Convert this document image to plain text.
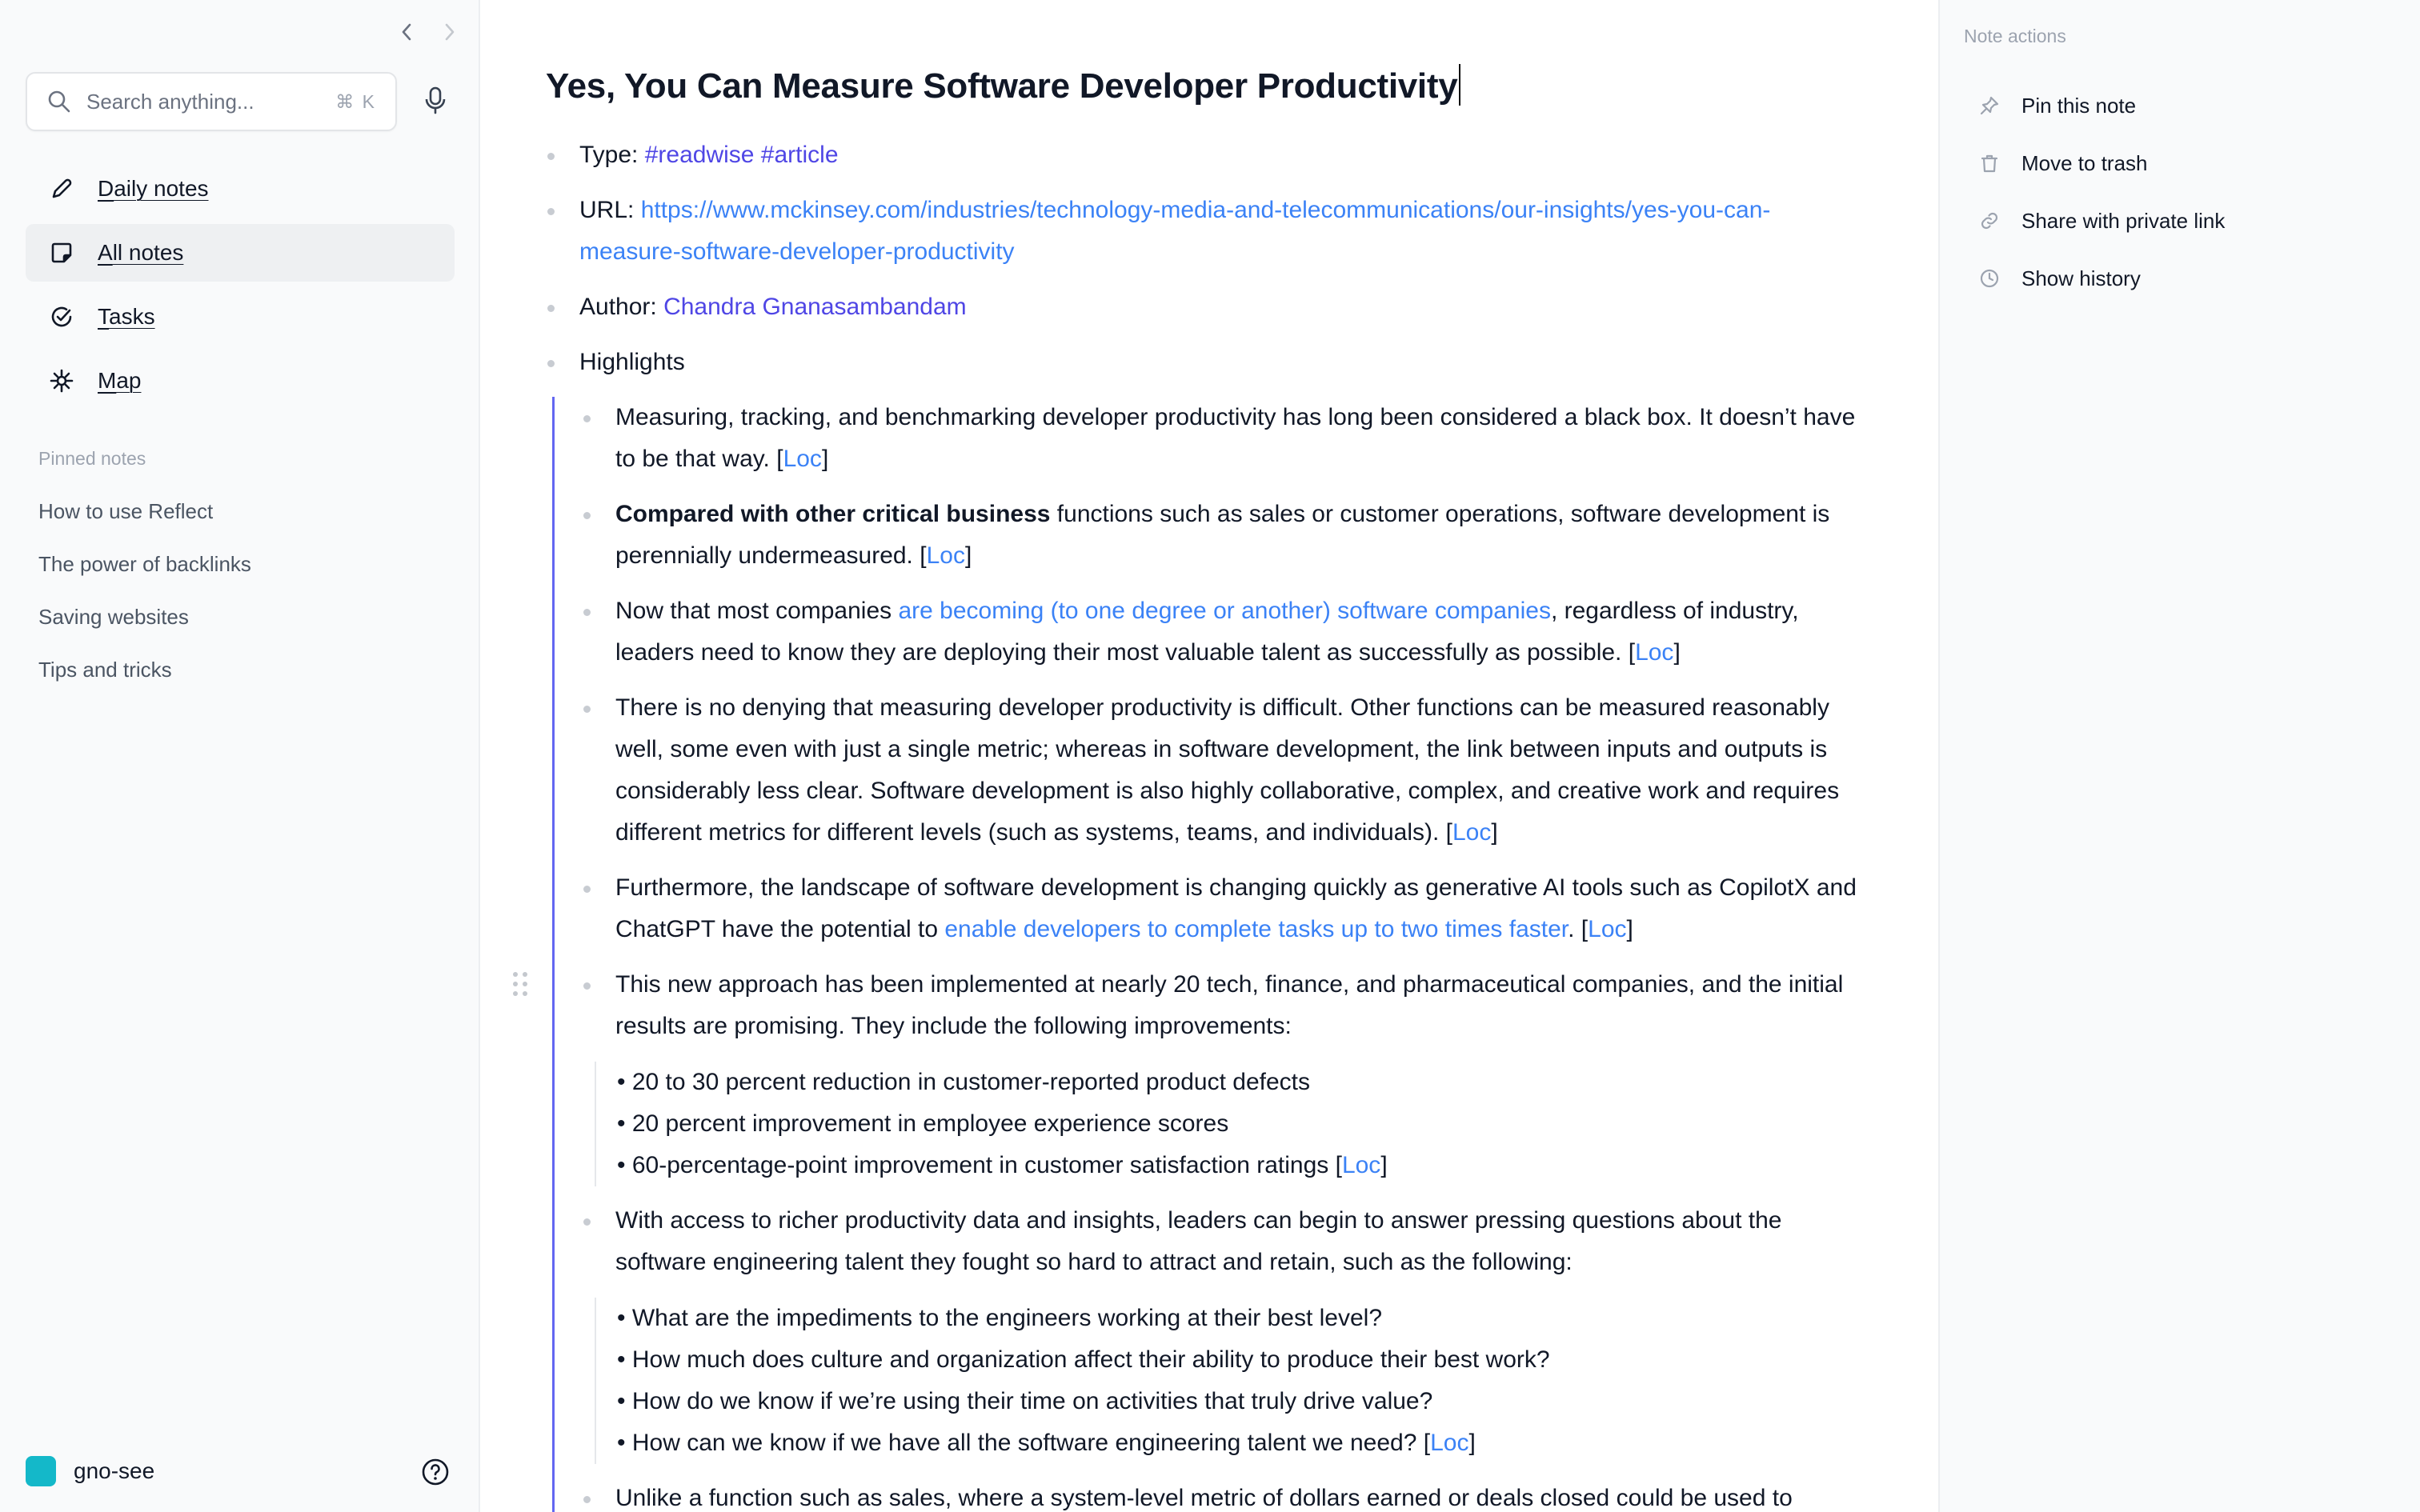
Search anything...	⌘ K
Daily notes
All notes
Tasks
Map
Pinned notes
How to use Reflect
The power of backlinks
Saving websites
Tips and tricks
gno-see
Yes, You Can Measure Software Developer Productivity
Type: #readwise #article
URL: https://www.mckinsey.com/industries/technology-media-and-telecommunications/our-insights/yes-you-can-measure-software-developer-productivity
Author: Chandra Gnanasambandam
Highlights
Measuring, tracking, and benchmarking developer productivity has long been considered a black box. It doesn’t have to be that way. [Loc]
Compared with other critical business functions such as sales or customer operations, software development is perennially undermeasured. [Loc]
Now that most companies are becoming (to one degree or another) software companies, regardless of industry, leaders need to know they are deploying their most valuable talent as successfully as possible. [Loc]
There is no denying that measuring developer productivity is difficult. Other functions can be measured reasonably well, some even with just a single metric; whereas in software development, the link between inputs and outputs is considerably less clear. Software development is also highly collaborative, complex, and creative work and requires different metrics for different levels (such as systems, teams, and individuals). [Loc]
Furthermore, the landscape of software development is changing quickly as generative AI tools such as CopilotX and ChatGPT have the potential to enable developers to complete tasks up to two times faster. [Loc]
This new approach has been implemented at nearly 20 tech, finance, and pharmaceutical companies, and the initial results are promising. They include the following improvements:
• 20 to 30 percent reduction in customer-reported product defects
• 20 percent improvement in employee experience scores
• 60-percentage-point improvement in customer satisfaction ratings [Loc]
With access to richer productivity data and insights, leaders can begin to answer pressing questions about the software engineering talent they fought so hard to attract and retain, such as the following:
• What are the impediments to the engineers working at their best level?
• How much does culture and organization affect their ability to produce their best work?
• How do we know if we’re using their time on activities that truly drive value?
• How can we know if we have all the software engineering talent we need? [Loc]
Unlike a function such as sales, where a system-level metric of dollars earned or deals closed could be used to
Note actions
Pin this note
Move to trash
Share with private link
Show history
